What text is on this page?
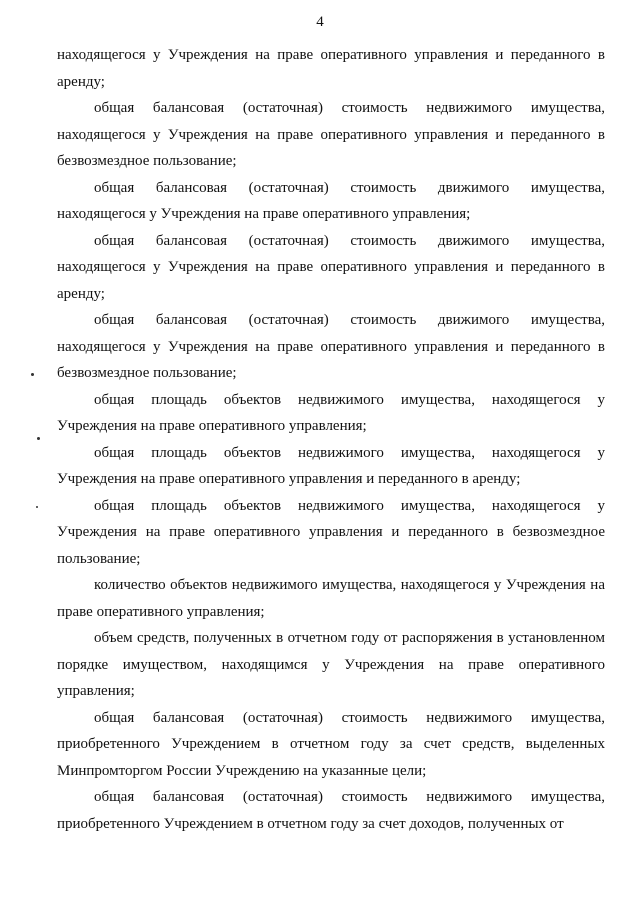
4

находящегося у Учреждения на праве оперативного управления и переданного в аренду;

общая балансовая (остаточная) стоимость недвижимого имущества, находящегося у Учреждения на праве оперативного управления и переданного в безвозмездное пользование;

общая балансовая (остаточная) стоимость движимого имущества, находящегося у Учреждения на праве оперативного управления;

общая балансовая (остаточная) стоимость движимого имущества, находящегося у Учреждения на праве оперативного управления и переданного в аренду;

общая балансовая (остаточная) стоимость движимого имущества, находящегося у Учреждения на праве оперативного управления и переданного в безвозмездное пользование;

общая площадь объектов недвижимого имущества, находящегося у Учреждения на праве оперативного управления;

общая площадь объектов недвижимого имущества, находящегося у Учреждения на праве оперативного управления и переданного в аренду;

общая площадь объектов недвижимого имущества, находящегося у Учреждения на праве оперативного управления и переданного в безвозмездное пользование;

количество объектов недвижимого имущества, находящегося у Учреждения на праве оперативного управления;

объем средств, полученных в отчетном году от распоряжения в установленном порядке имуществом, находящимся у Учреждения на праве оперативного управления;

общая балансовая (остаточная) стоимость недвижимого имущества, приобретенного Учреждением в отчетном году за счет средств, выделенных Минпромторгом России Учреждению на указанные цели;

общая балансовая (остаточная) стоимость недвижимого имущества, приобретенного Учреждением в отчетном году за счет доходов, полученных от
